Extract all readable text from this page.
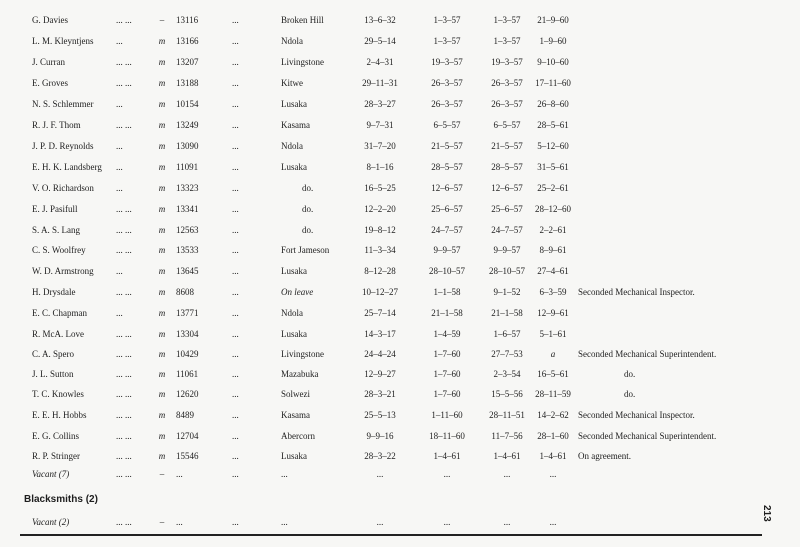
G. Davies	... ...	–	13116	...	Broken Hill	13–6–32	1–3–57	1–3–57	21–9–60
L. M. Kleyntjens	...	m 13166	...	Ndola	29–5–14	1–3–57	1–3–57	1–9–60
J. Curran	... ...	m 13207	...	Livingstone	2–4–31	19–3–57	19–3–57	9–10–60
E. Groves	... ...	m 13188	...	Kitwe	29–11–31	26–3–57	26–3–57	17–11–60
N. S. Schlemmer	...	m 10154	...	Lusaka	28–3–27	26–3–57	26–3–57	26–8–60
R. J. F. Thom	... ...	m 13249	...	Kasama	9–7–31	6–5–57	6–5–57	28–5–61
J. P. D. Reynolds ...	m 13090	...	Ndola	31–7–20	21–5–57	21–5–57	5–12–60
E. H. K. Landsberg ...	m 11091	...	Lusaka	8–1–16	28–5–57	28–5–57	31–5–61
V. O. Richardson ...	m 13323	...	do.	16–5–25	12–6–57	12–6–57	25–2–61
E. J. Pasifull	... ...	m 13341	...	do.	12–2–20	25–6–57	25–6–57	28–12–60
S. A. S. Lang	... ...	m 12563	...	do.	19–8–12	24–7–57	24–7–57	2–2–61
C. S. Woolfrey	... ...	m 13533	...	Fort Jameson	11–3–34	9–9–57	9–9–57	8–9–61
W. D. Armstrong ...	m 13645	...	Lusaka	8–12–28	28–10–57	28–10–57	27–4–61
H. Drysdale	... ...	m 8608	...	On leave	10–12–27	1–1–58	9–1–52	6–3–59	Seconded Mechanical Inspector.
E. C. Chapman	...	m 13771	...	Ndola	25–7–14	21–1–58	21–1–58	12–9–61
R. McA. Love	... ...	m 13304	...	Lusaka	14–3–17	1–4–59	1–6–57	5–1–61
C. A. Spero	... ...	m 10429	...	Livingstone	24–4–24	1–7–60	27–7–53	a	Seconded Mechanical Superintendent.
J. L. Sutton	... ...	m 11061	...	Mazabuka	12–9–27	1–7–60	2–3–54	16–5–61	do.
T. C. Knowles	... ...	m 12620	...	Solwezi	28–3–21	1–7–60	15–5–56	28–11–59	do.
E. E. H. Hobbs	... ...	m 8489	...	Kasama	25–5–13	1–11–60	28–11–51	14–2–62	Seconded Mechanical Inspector.
E. G. Collins	... ...	m 12704	...	Abercorn	9–9–16	18–11–60	11–7–56	28–1–60	Seconded Mechanical Superintendent.
R. P. Stringer	... ...	m 15546	...	Lusaka	28–3–22	1–4–61	1–4–61	1–4–61	On agreement.
Vacant (7)	... ...	–	...	...	...	...	...	...	...
Blacksmiths (2)
Vacant (2)	... ...	–	...	...	...	...	...	...	...
213
